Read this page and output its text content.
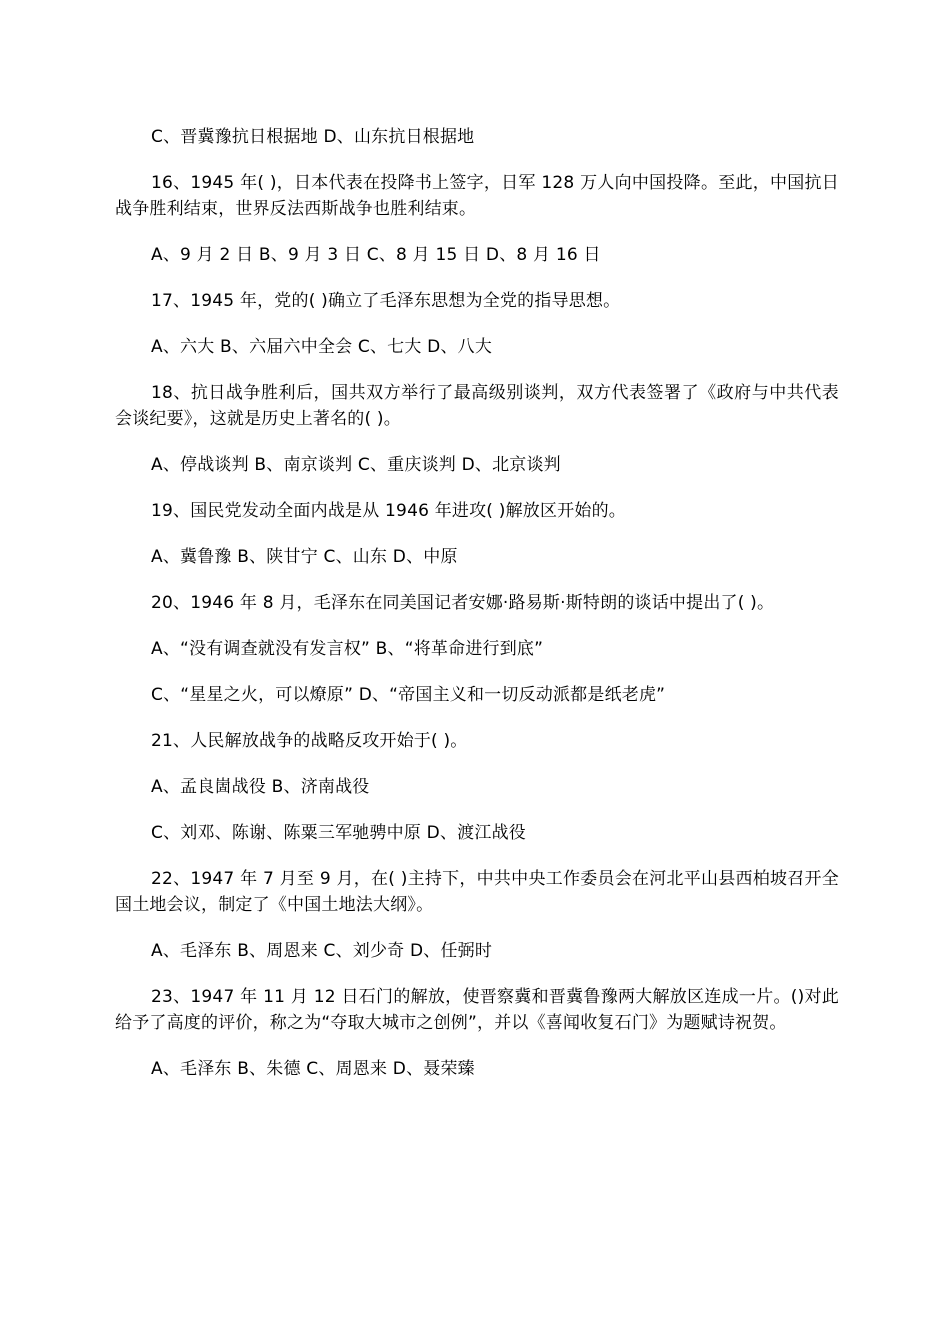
C、晋冀豫抗日根据地 D、山东抗日根据地

16、1945 年( )，日本代表在投降书上签字，日军 128 万人向中国投降。至此，中国抗日战争胜利结束，世界反法西斯战争也胜利结束。

A、9 月 2 日 B、9 月 3 日 C、8 月 15 日 D、8 月 16 日

17、1945 年，党的( )确立了毛泽东思想为全党的指导思想。

A、六大 B、六届六中全会 C、七大 D、八大

18、抗日战争胜利后，国共双方举行了最高级别谈判，双方代表签署了《政府与中共代表会谈纪要》，这就是历史上著名的( )。

A、停战谈判 B、南京谈判 C、重庆谈判 D、北京谈判

19、国民党发动全面内战是从 1946 年进攻( )解放区开始的。

A、冀鲁豫 B、陕甘宁 C、山东 D、中原

20、1946 年 8 月，毛泽东在同美国记者安娜·路易斯·斯特朗的谈话中提出了( )。

A、“没有调查就没有发言权” B、“将革命进行到底”

C、“星星之火，可以燎原” D、“帝国主义和一切反动派都是纸老虎”

21、人民解放战争的战略反攻开始于( )。

A、孟良崮战役 B、济南战役

C、刘邓、陈谢、陈粟三军驰骋中原 D、渡江战役

22、1947 年 7 月至 9 月，在( )主持下，中共中央工作委员会在河北平山县西柏坡召开全国土地会议，制定了《中国土地法大纲》。

A、毛泽东 B、周恩来 C、刘少奇 D、任弼时

23、1947 年 11 月 12 日石门的解放，使晋察冀和晋冀鲁豫两大解放区连成一片。()对此给予了高度的评价，称之为“夺取大城市之创例”，并以《喜闻收复石门》为题赋诗祝贺。

A、毛泽东 B、朱德 C、周恩来 D、聂荣臻
